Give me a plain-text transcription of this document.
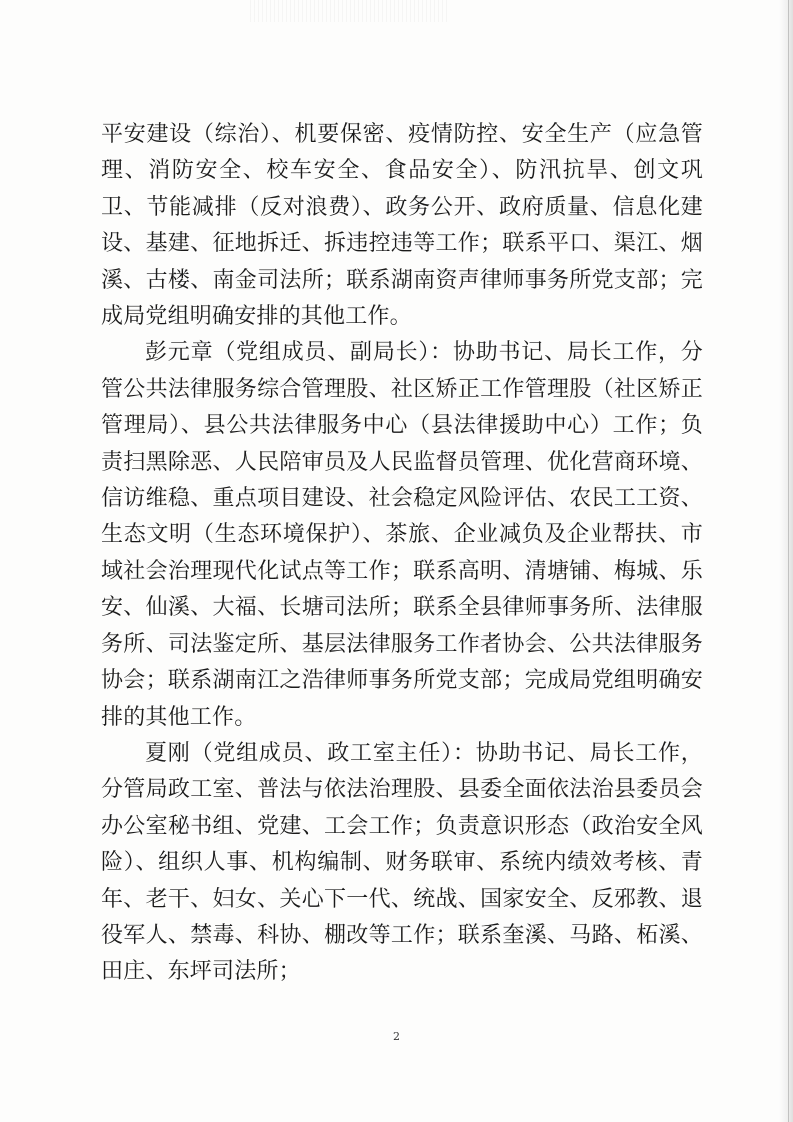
平安建设（综治）、机要保密、疫情防控、安全生产（应急管理、消防安全、校车安全、食品安全）、防汛抗旱、创文巩卫、节能减排（反对浪费）、政务公开、政府质量、信息化建设、基建、征地拆迁、拆违控违等工作；联系平口、渠江、烟溪、古楼、南金司法所；联系湖南资声律师事务所党支部；完成局党组明确安排的其他工作。

彭元章（党组成员、副局长）：协助书记、局长工作，分管公共法律服务综合管理股、社区矫正工作管理股（社区矫正管理局）、县公共法律服务中心（县法律援助中心）工作；负责扫黑除恶、人民陪审员及人民监督员管理、优化营商环境、信访维稳、重点项目建设、社会稳定风险评估、农民工工资、生态文明（生态环境保护）、茶旅、企业减负及企业帮扶、市域社会治理现代化试点等工作；联系高明、清塘铺、梅城、乐安、仙溪、大福、长塘司法所；联系全县律师事务所、法律服务所、司法鉴定所、基层法律服务工作者协会、公共法律服务协会；联系湖南江之浩律师事务所党支部；完成局党组明确安排的其他工作。

夏刚（党组成员、政工室主任）：协助书记、局长工作，分管局政工室、普法与依法治理股、县委全面依法治县委员会办公室秘书组、党建、工会工作；负责意识形态（政治安全风险）、组织人事、机构编制、财务联审、系统内绩效考核、青年、老干、妇女、关心下一代、统战、国家安全、反邪教、退役军人、禁毒、科协、棚改等工作；联系奎溪、马路、柘溪、田庄、东坪司法所；

2
